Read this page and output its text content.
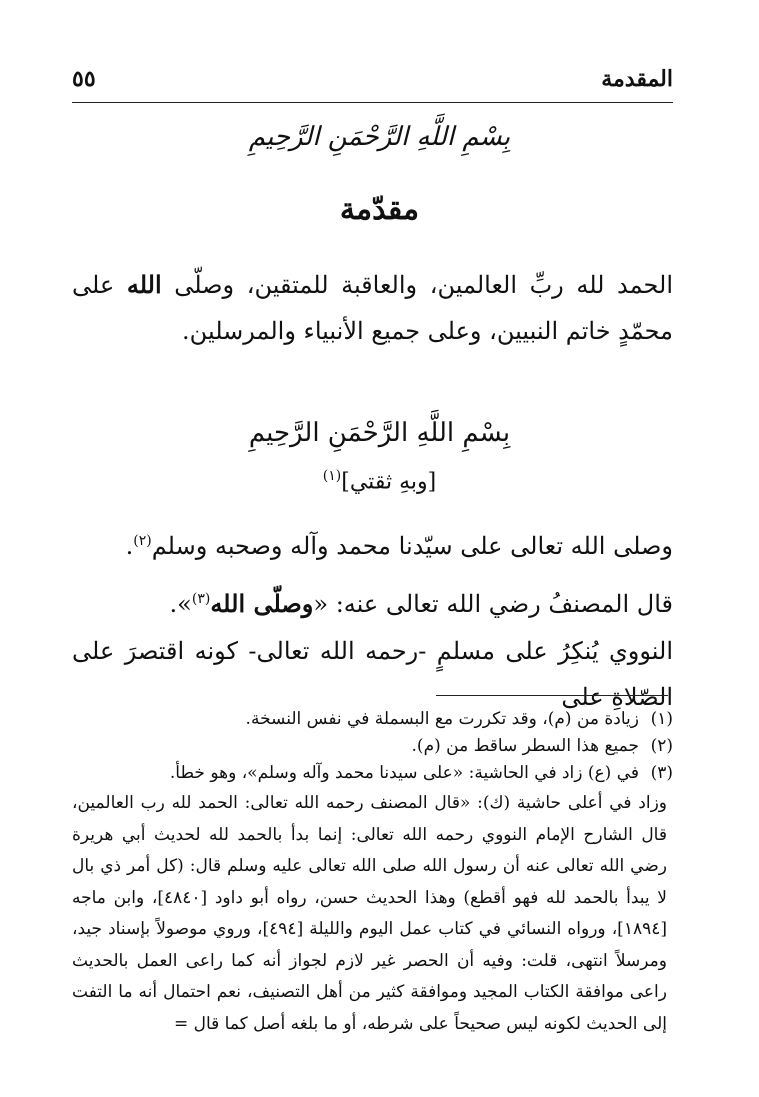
المقدمة
٥٥
بِسْمِ اللَّهِ الرَّحْمَنِ الرَّحِيمِ
مقدّمة

الحمد لله ربِّ العالمين، والعاقبة للمتقين، وصلّى الله على محمّدٍ خاتم النبيين، وعلى جميع الأنبياء والمرسلين.

بِسْمِ اللَّهِ الرَّحْمَنِ الرَّحِيمِ
[وبهِ ثقتي]$^{(١)}$

وصلى الله تعالى على سيّدنا محمد وآله وصحبه وسلم$^{(٢)}$.

قال المصنفُ رضي الله تعالى عنه: «وصلّى الله$^{(٣)}$».

النووي يُنكِرُ على مسلمٍ -رحمه الله تعالى- كونه اقتصرَ على الصّلاةِ على

(١)زيادة من (م)، وقد تكررت مع البسملة في نفس النسخة.
(٢)جميع هذا السطر ساقط من (م).
(٣)في (ع) زاد في الحاشية: «على سيدنا محمد وآله وسلم»، وهو خطأ.

وزاد في أعلى حاشية (ك): «قال المصنف رحمه الله تعالى: الحمد لله رب العالمين، قال الشارح الإمام النووي رحمه الله تعالى: إنما بدأ بالحمد لله لحديث أبي هريرة رضي الله تعالى عنه أن رسول الله صلى الله تعالى عليه وسلم قال: (كل أمر ذي بال لا يبدأ بالحمد لله فهو أقطع) وهذا الحديث حسن، رواه أبو داود [٤٨٤٠]، وابن ماجه [١٨٩٤]، ورواه النسائي في كتاب عمل اليوم والليلة [٤٩٤]، وروي موصولاً بإسناد جيد، ومرسلاً انتهى، قلت: وفيه أن الحصر غير لازم لجواز أنه كما راعى العمل بالحديث راعى موافقة الكتاب المجيد وموافقة كثير من أهل التصنيف، نعم احتمال أنه ما التفت إلى الحديث لكونه ليس صحيحاً على شرطه، أو ما بلغه أصل كما قال =
